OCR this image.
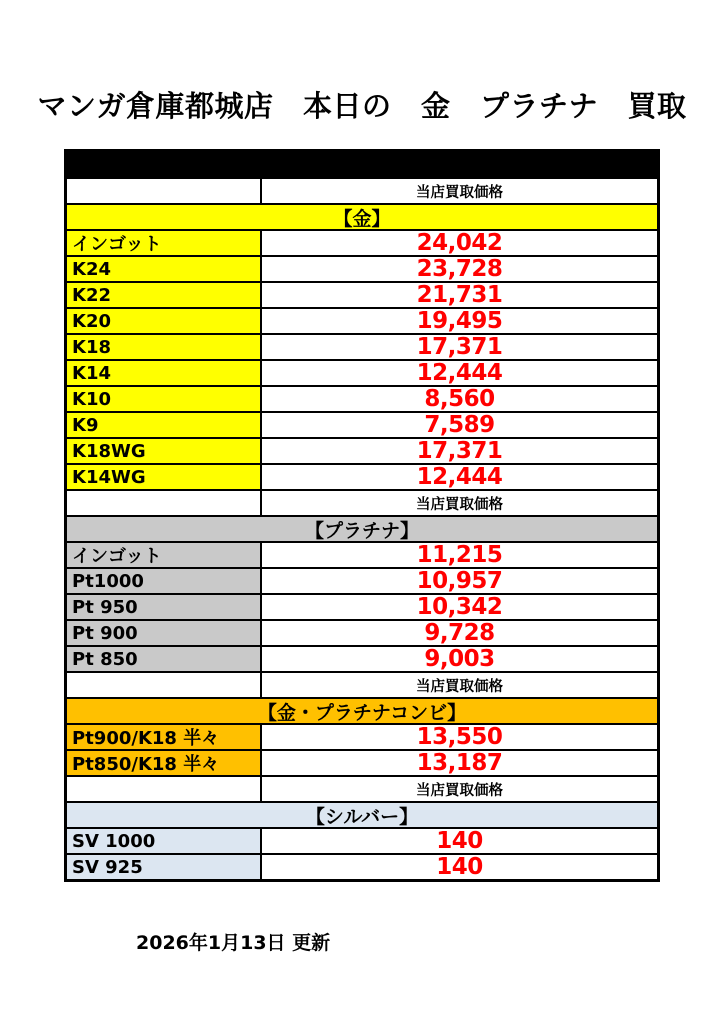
マンガ倉庫都城店　本日の　金　プラチナ　買取
当店買取価格
【金】
インゴット	24,042
K24	23,728
K22	21,731
K20	19,495
K18	17,371
K14	12,444
K10	8,560
K9	7,589
K18WG	17,371
K14WG	12,444
当店買取価格
【プラチナ】
インゴット	11,215
Pt1000	10,957
Pt 950	10,342
Pt 900	9,728
Pt 850	9,003
当店買取価格
【金・プラチナコンビ】
Pt900/K18 半々	13,550
Pt850/K18 半々	13,187
当店買取価格
【シルバー】
SV 1000	140
SV 925	140
2026年1月13日 更新
